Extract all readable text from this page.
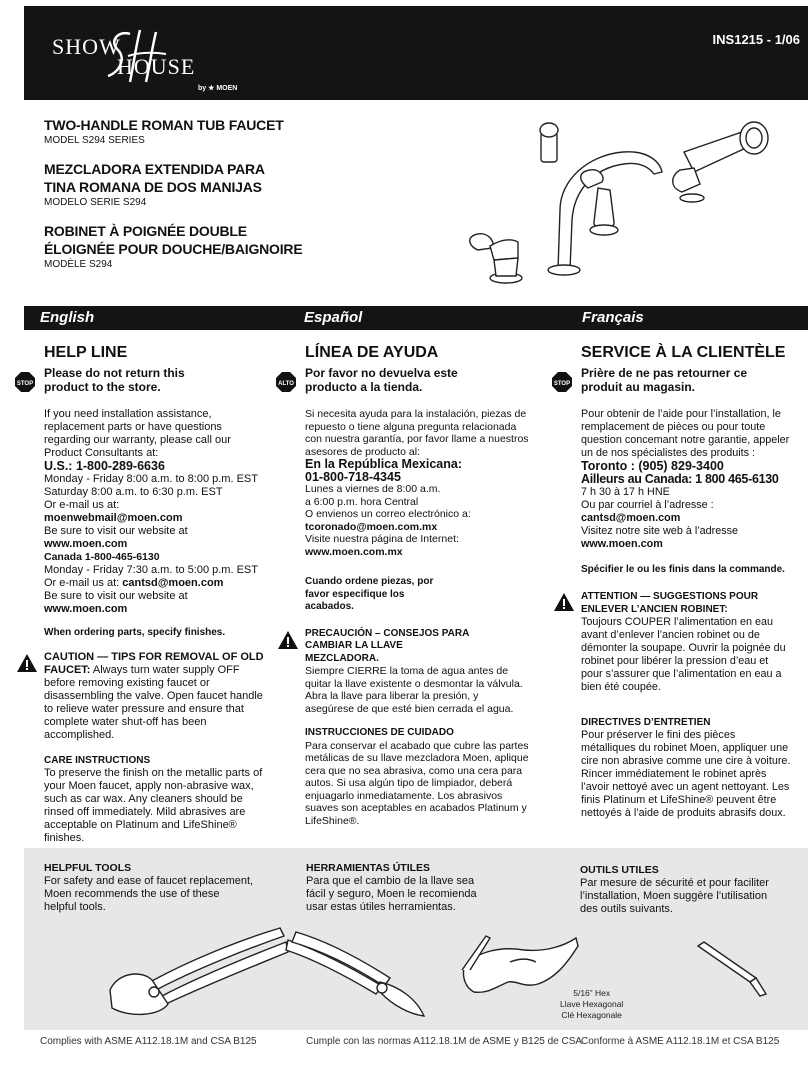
SHOW
HOUSE
by ★ MOEN
INS1215 - 1/06
TWO-HANDLE ROMAN TUB FAUCET
MODEL S294 SERIES
MEZCLADORA EXTENDIDA PARA TINA ROMANA DE DOS MANIJAS
MODELO SERIE S294
ROBINET À POIGNÉE DOUBLE ÉLOIGNÉE POUR DOUCHE/BAIGNOIRE
MODÈLE S294
English	Español	Français
HELP LINE
STOP
Please do not return this product to the store.

If you need installation assistance, replacement parts or have questions regarding our warranty, please call our Product Consultants at:

U.S.: 1-800-289-6636

Monday - Friday 8:00 a.m. to 8:00 p.m. EST

Saturday 8:00 a.m. to 6:30 p.m. EST

Or e-mail us at:

moenwebmail@moen.com

Be sure to visit our website at

www.moen.com

Canada 1-800-465-6130

Monday - Friday 7:30 a.m. to 5:00 p.m. EST

Or e-mail us at: cantsd@moen.com

Be sure to visit our website at

www.moen.com

When ordering parts, specify finishes.

CAUTION — TIPS FOR REMOVAL OF OLD FAUCET: Always turn water supply OFF before removing existing faucet or disassembling the valve. Open faucet handle to relieve water pressure and ensure that complete water shut-off has been accomplished.

CARE INSTRUCTIONS

To preserve the finish on the metallic parts of your Moen faucet, apply non-abrasive wax, such as car wax. Any cleaners should be rinsed off immediately. Mild abrasives are acceptable on Platinum and LifeShine® finishes.

LÍNEA DE AYUDA
ALTO
Por favor no devuelva este producto a la tienda.

Si necesita ayuda para la instalación, piezas de repuesto o tiene alguna pregunta relacionada con nuestra garantía, por favor llame a nuestros asesores de producto al:

En la República Mexicana:

01-800-718-4345

Lunes a viernes de 8:00 a.m.

a 6:00 p.m. hora Central

O envienos un correo electrónico a:

tcoronado@moen.com.mx

Visite nuestra página de Internet:

www.moen.com.mx

Cuando ordene piezas, por favor especifique los acabados.

PRECAUCIÓN – CONSEJOS PARA CAMBIAR LA LLAVE MEZCLADORA.

Siempre CIERRE la toma de agua antes de quitar la llave existente o desmontar la válvula. Abra la llave para liberar la presión, y asegúrese de que esté bien cerrada el agua.

INSTRUCCIONES DE CUIDADO

Para conservar el acabado que cubre las partes metálicas de su llave mezcladora Moen, aplique cera que no sea abrasiva, como una cera para autos. Si usa algún tipo de limpiador, deberá enjuagarlo inmediatamente. Los abrasivos suaves son aceptables en acabados Platinum y LifeShine®.

SERVICE À LA CLIENTÈLE
STOP
Prière de ne pas retourner ce produit au magasin.

Pour obtenir de l’aide pour l’installation, le remplacement de pièces ou pour toute question concemant notre garantie, appeler un de nos spécialistes des produits :

Toronto : (905) 829-3400

Ailleurs au Canada: 1 800 465-6130

7 h 30 à 17 h HNE

Ou par courriel à l’adresse :

cantsd@moen.com

Visitez notre site web à l’adresse

www.moen.com

Spécifier le ou les finis dans la commande.

ATTENTION — SUGGESTIONS POUR ENLEVER L’ANCIEN ROBINET:

Toujours COUPER l’alimentation en eau avant d’enlever l’ancien robinet ou de démonter la soupape. Ouvrir la poignée du robinet pour libérer la pression d’eau et pour s’assurer que l’alimentation en eau a bien été coupée.

DIRECTIVES D’ENTRETIEN

Pour préserver le fini des pièces métalliques du robinet Moen, appliquer une cire non abrasive comme une cire à voiture. Rincer immédiatement le robinet après l’avoir nettoyé avec un agent nettoyant. Les finis Platinum et LifeShine® peuvent être nettoyés à l’aide de produits abrasifs doux.

HELPFUL TOOLS
For safety and ease of faucet replacement, Moen recommends the use of these helpful tools.
HERRAMIENTAS ÚTILES
Para que el cambio de la llave sea fácil y seguro, Moen le recomienda usar estas útiles herramientas.
OUTILS UTILES
Par mesure de sécurité et pour faciliter l’installation, Moen suggère l’utilisation des outils suivants.
5/16” Hex
Llave Hexagonal
Clé Hexagonale
Complies with ASME A112.18.1M and CSA B125	Cumple con las normas A112.18.1M de ASME y B125 de CSA
Conforme à ASME A112.18.1M et CSA B125
